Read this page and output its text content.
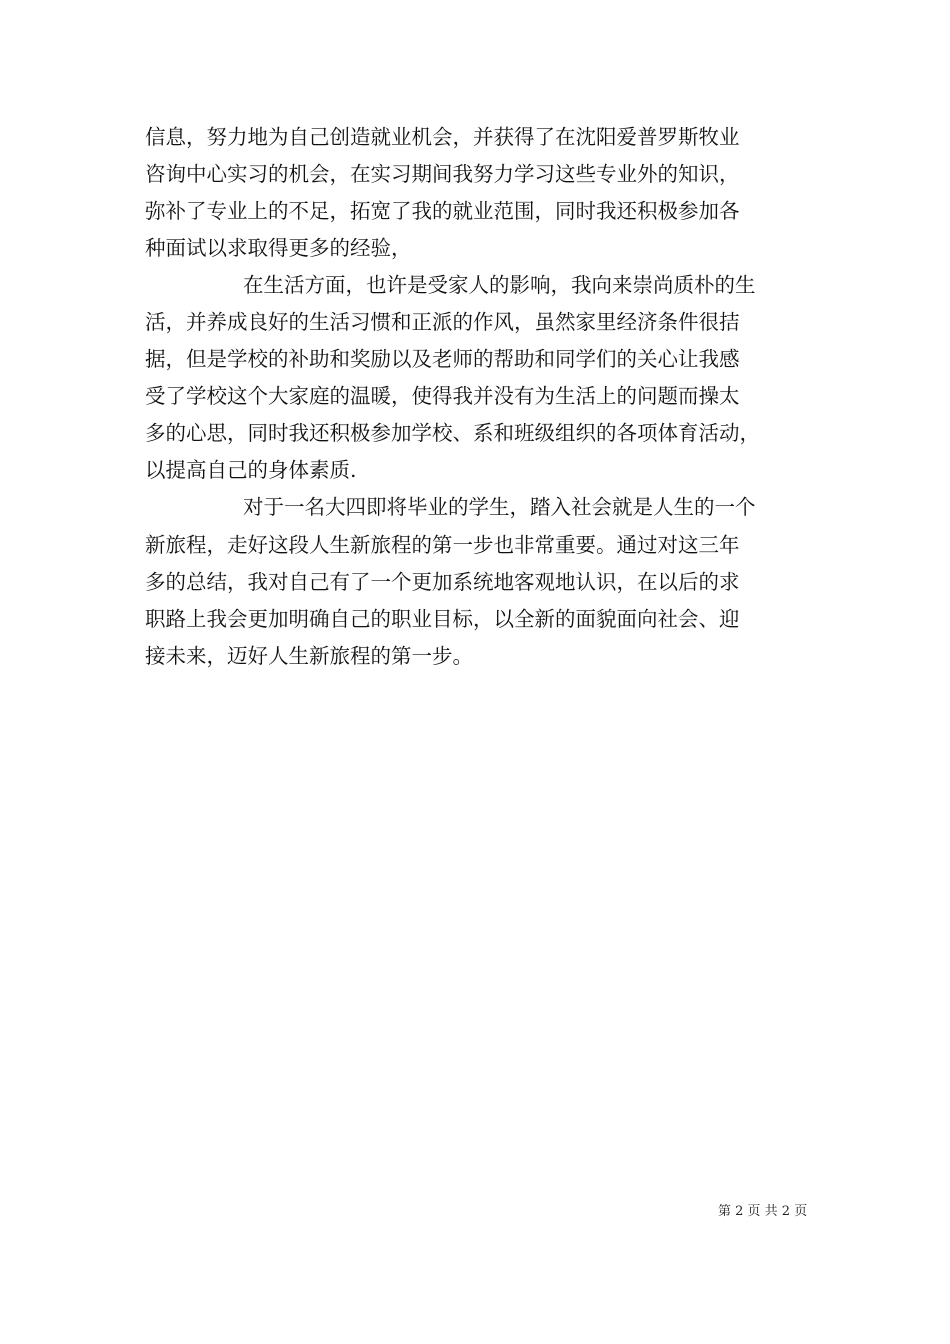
信息，努力地为自己创造就业机会，并获得了在沈阳爱普罗斯牧业
咨询中心实习的机会，在实习期间我努力学习这些专业外的知识，
弥补了专业上的不足，拓宽了我的就业范围，同时我还积极参加各
种面试以求取得更多的经验，
在生活方面，也许是受家人的影响，我向来崇尚质朴的生
活，并养成良好的生活习惯和正派的作风，虽然家里经济条件很拮
据，但是学校的补助和奖励以及老师的帮助和同学们的关心让我感
受了学校这个大家庭的温暖，使得我并没有为生活上的问题而操太
多的心思，同时我还积极参加学校、系和班级组织的各项体育活动，
以提高自己的身体素质.
对于一名大四即将毕业的学生，踏入社会就是人生的一个
新旅程，走好这段人生新旅程的第一步也非常重要。通过对这三年
多的总结，我对自己有了一个更加系统地客观地认识，在以后的求
职路上我会更加明确自己的职业目标，以全新的面貌面向社会、迎
接未来，迈好人生新旅程的第一步。
第 2 页 共 2 页
